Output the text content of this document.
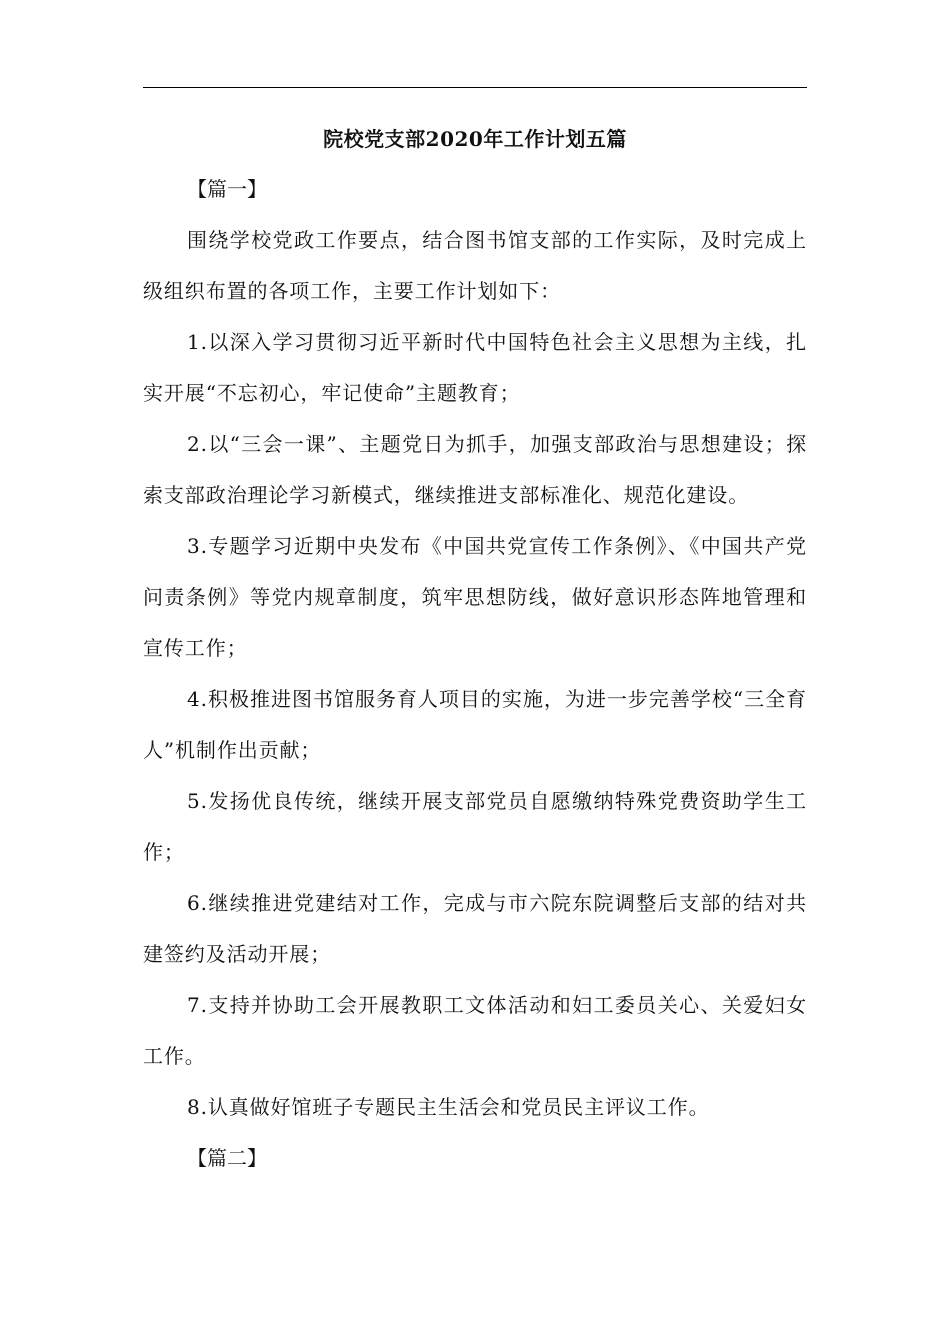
院校党支部2020年工作计划五篇

【篇一】

围绕学校党政工作要点，结合图书馆支部的工作实际，及时完成上级组织布置的各项工作，主要工作计划如下：

1.以深入学习贯彻习近平新时代中国特色社会主义思想为主线，扎实开展“不忘初心，牢记使命”主题教育；

2.以“三会一课”、主题党日为抓手，加强支部政治与思想建设；探索支部政治理论学习新模式，继续推进支部标准化、规范化建设。

3.专题学习近期中央发布《中国共党宣传工作条例》、《中国共产党问责条例》等党内规章制度，筑牢思想防线，做好意识形态阵地管理和宣传工作；

4.积极推进图书馆服务育人项目的实施，为进一步完善学校“三全育人”机制作出贡献；

5.发扬优良传统，继续开展支部党员自愿缴纳特殊党费资助学生工作；

6.继续推进党建结对工作，完成与市六院东院调整后支部的结对共建签约及活动开展；

7.支持并协助工会开展教职工文体活动和妇工委员关心、关爱妇女工作。

8.认真做好馆班子专题民主生活会和党员民主评议工作。

【篇二】
